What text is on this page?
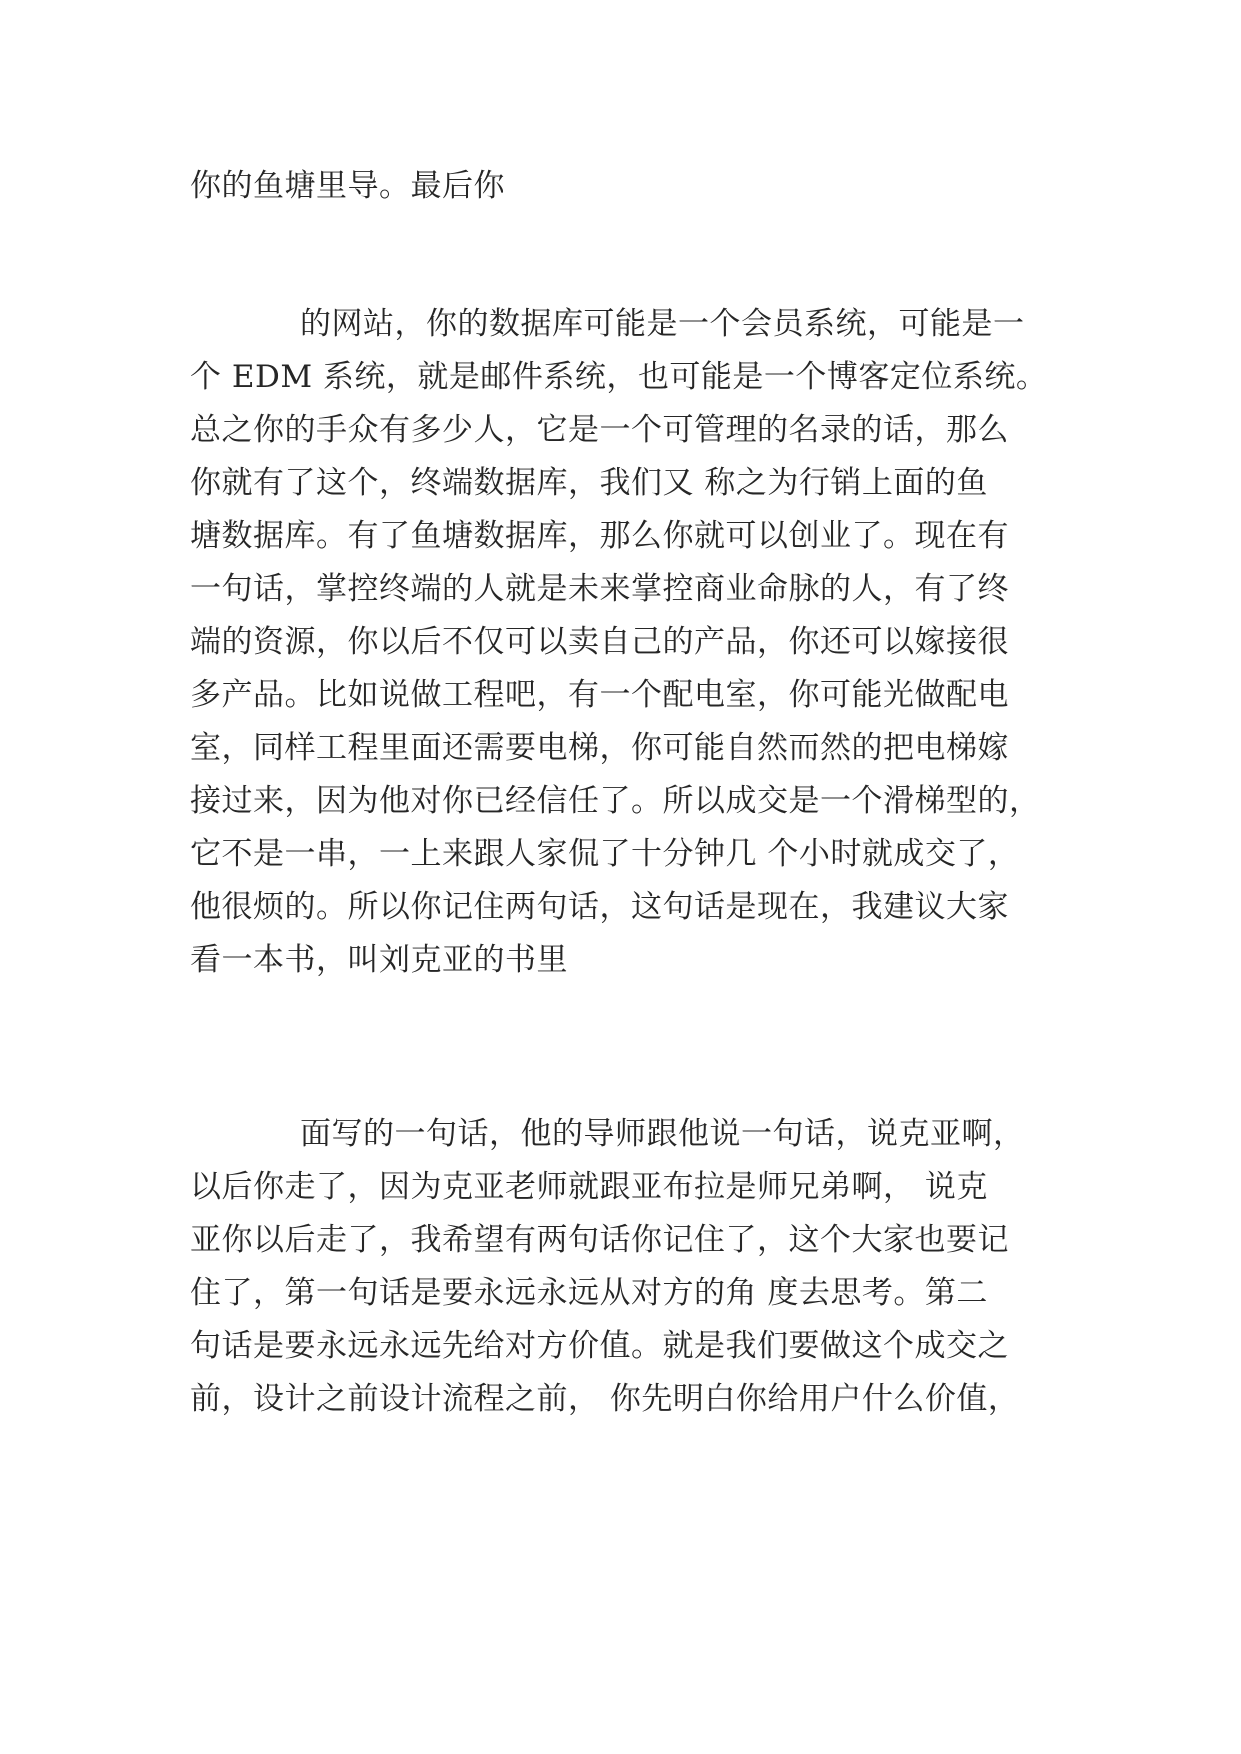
你的鱼塘里导。最后你
的网站，你的数据库可能是一个会员系统，可能是一
个 EDM 系统，就是邮件系统，也可能是一个博客定位系统。
总之你的手众有多少人，它是一个可管理的名录的话，那么
你就有了这个，终端数据库，我们又 称之为行销上面的鱼
塘数据库。有了鱼塘数据库，那么你就可以创业了。现在有
一句话，掌控终端的人就是未来掌控商业命脉的人，有了终
端的资源，你以后不仅可以卖自己的产品，你还可以嫁接很
多产品。比如说做工程吧，有一个配电室，你可能光做配电
室，同样工程里面还需要电梯，你可能自然而然的把电梯嫁
接过来，因为他对你已经信任了。所以成交是一个滑梯型的，
它不是一串，一上来跟人家侃了十分钟几 个小时就成交了，
他很烦的。所以你记住两句话，这句话是现在，我建议大家
看一本书，叫刘克亚的书里
面写的一句话，他的导师跟他说一句话，说克亚啊，
以后你走了，因为克亚老师就跟亚布拉是师兄弟啊， 说克
亚你以后走了，我希望有两句话你记住了，这个大家也要记
住了，第一句话是要永远永远从对方的角 度去思考。第二
句话是要永远永远先给对方价值。就是我们要做这个成交之
前，设计之前设计流程之前， 你先明白你给用户什么价值，
